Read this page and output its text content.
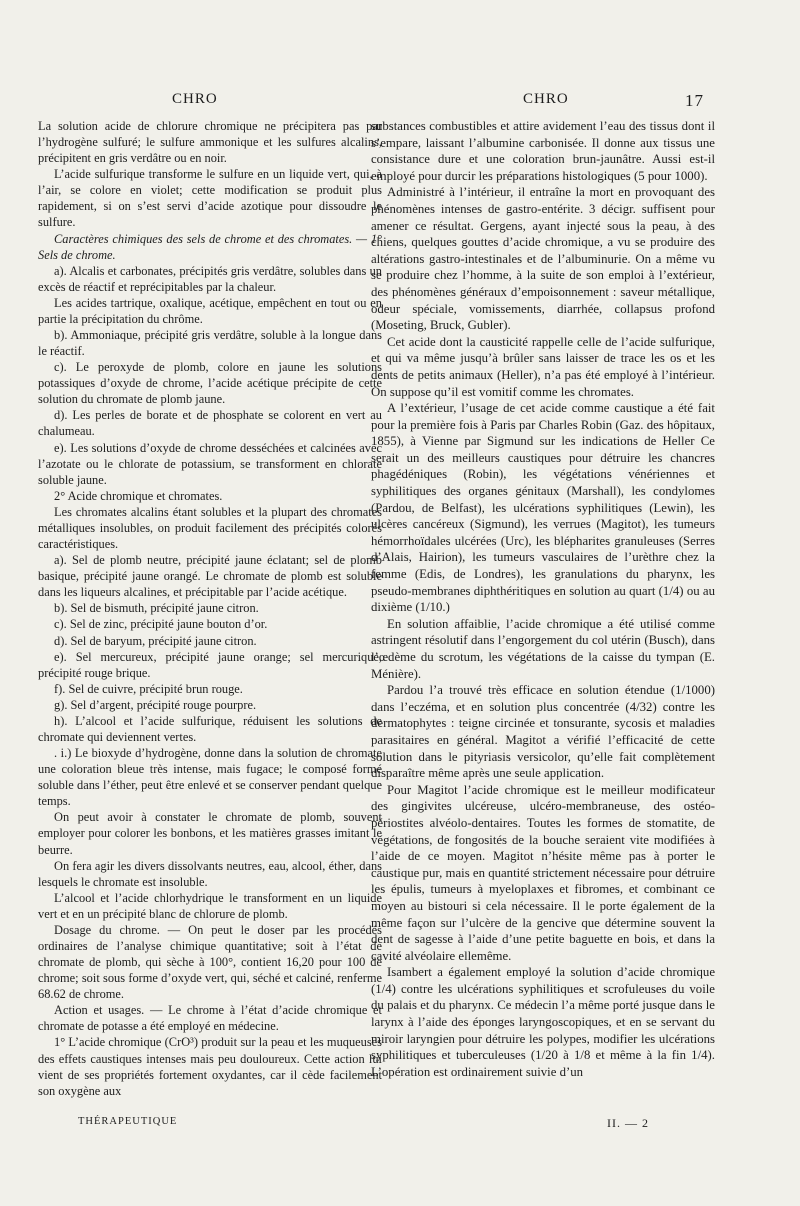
CHRO	CHRO	17

La solution acide de chlorure chromique ne précipitera pas par l’hydrogène sulfuré; le sulfure ammonique et les sulfures alcalins, précipitent en gris verdâtre ou en noir.

L’acide sulfurique transforme le sulfure en un liquide vert, qui, à l’air, se colore en violet; cette modification se produit plus rapidement, si on s’est servi d’acide azotique pour dissoudre le sulfure.

Caractères chimiques des sels de chrome et des chromates. — 1° Sels de chrome.

a). Alcalis et carbonates, précipités gris verdâtre, solubles dans un excès de réactif et reprécipitables par la chaleur.

Les acides tartrique, oxalique, acétique, empêchent en tout ou en partie la précipitation du chrôme.

b). Ammoniaque, précipité gris verdâtre, soluble à la longue dans le réactif.

c). Le peroxyde de plomb, colore en jaune les solutions potassiques d’oxyde de chrome, l’acide acétique précipite de cette solution du chromate de plomb jaune.

d). Les perles de borate et de phosphate se colorent en vert au chalumeau.

e). Les solutions d’oxyde de chrome desséchées et calcinées avec l’azotate ou le chlorate de potassium, se transforment en chlorate soluble jaune.

2° Acide chromique et chromates.

Les chromates alcalins étant solubles et la plupart des chromates métalliques insolubles, on produit facilement des précipités colorés caractéristiques.

a). Sel de plomb neutre, précipité jaune éclatant; sel de plomb basique, précipité jaune orangé. Le chromate de plomb est soluble dans les liqueurs alcalines, et précipitable par l’acide acétique.

b). Sel de bismuth, précipité jaune citron.

c). Sel de zinc, précipité jaune bouton d’or.

d). Sel de baryum, précipité jaune citron.

e). Sel mercureux, précipité jaune orange; sel mercurique, précipité rouge brique.

f). Sel de cuivre, précipité brun rouge.

g). Sel d’argent, précipité rouge pourpre.

h). L’alcool et l’acide sulfurique, réduisent les solutions de chromate qui deviennent vertes.

. i.) Le bioxyde d’hydrogène, donne dans la solution de chromate une coloration bleue très intense, mais fugace; le composé formé soluble dans l’éther, peut être enlevé et se conserver pendant quelque temps.

On peut avoir à constater le chromate de plomb, souvent employer pour colorer les bonbons, et les matières grasses imitant le beurre.

On fera agir les divers dissolvants neutres, eau, alcool, éther, dans lesquels le chromate est insoluble.

L’alcool et l’acide chlorhydrique le transforment en un liquide vert et en un précipité blanc de chlorure de plomb.

Dosage du chrome. — On peut le doser par les procédés ordinaires de l’analyse chimique quantitative; soit à l’état de chromate de plomb, qui sèche à 100°, contient 16,20 pour 100 de chrome; soit sous forme d’oxyde vert, qui, séché et calciné, renferme 68.62 de chrome.

Action et usages. — Le chrome à l’état d’acide chromique et chromate de potasse a été employé en médecine.

1° L’acide chromique (CrO³) produit sur la peau et les muqueuses des effets caustiques intenses mais peu douloureux. Cette action lui vient de ses propriétés fortement oxydantes, car il cède facilement son oxygène aux

substances combustibles et attire avidement l’eau des tissus dont il s’empare, laissant l’albumine carbonisée. Il donne aux tissus une consistance dure et une coloration brun-jaunâtre. Aussi est-il employé pour durcir les préparations histologiques (5 pour 1000).

Administré à l’intérieur, il entraîne la mort en provoquant des phénomènes intenses de gastro-entérite. 3 décigr. suffisent pour amener ce résultat. Gergens, ayant injecté sous la peau, à des chiens, quelques gouttes d’acide chromique, a vu se produire des altérations gastro-intestinales et de l’albuminurie. On a même vu se produire chez l’homme, à la suite de son emploi à l’extérieur, des phénomènes généraux d’empoisonnement : saveur métallique, odeur spéciale, vomissements, diarrhée, collapsus profond (Moseting, Bruck, Gubler).

Cet acide dont la causticité rappelle celle de l’acide sulfurique, et qui va même jusqu’à brûler sans laisser de trace les os et les dents de petits animaux (Heller), n’a pas été employé à l’intérieur. On suppose qu’il est vomitif comme les chromates.

A l’extérieur, l’usage de cet acide comme caustique a été fait pour la première fois à Paris par Charles Robin (Gaz. des hôpitaux, 1855), à Vienne par Sigmund sur les indications de Heller Ce serait un des meilleurs caustiques pour détruire les chancres phagédéniques (Robin), les végétations vénériennes et syphilitiques des organes génitaux (Marshall), les condylomes (Pardou, de Belfast), les ulcérations syphilitiques (Lewin), les ulcères cancéreux (Sigmund), les verrues (Magitot), les tumeurs hémorrhoïdales ulcérées (Urc), les blépharites granuleuses (Serres d’Alais, Hairion), les tumeurs vasculaires de l’urèthre chez la femme (Edis, de Londres), les granulations du pharynx, les pseudo-membranes diphthéritiques en solution au quart (1/4) ou au dixième (1/10.)

En solution affaiblie, l’acide chromique a été utilisé comme astringent résolutif dans l’engorgement du col utérin (Busch), dans l’œdème du scrotum, les végétations de la caisse du tympan (E. Ménière).

Pardou l’a trouvé très efficace en solution étendue (1/1000) dans l’eczéma, et en solution plus concentrée (4/32) contre les dermatophytes : teigne circinée et tonsurante, sycosis et maladies parasitaires en général. Magitot a vérifié l’efficacité de cette solution dans le pityriasis versicolor, qu’elle fait complètement disparaître même après une seule application.

Pour Magitot l’acide chromique est le meilleur modificateur des gingivites ulcéreuse, ulcéro-membraneuse, des ostéo-périostites alvéolo-dentaires. Toutes les formes de stomatite, de végétations, de fongosités de la bouche seraient vite modifiées à l’aide de ce moyen. Magitot n’hésite même pas à porter le caustique pur, mais en quantité strictement nécessaire pour détruire les épulis, tumeurs à myeloplaxes et fibromes, et combinant ce moyen au bistouri si cela nécessaire. Il le porte également de la même façon sur l’ulcère de la gencive que détermine souvent la dent de sagesse à l’aide d’une petite baguette en bois, et dans la cavité alvéolaire ellemême.

Isambert a également employé la solution d’acide chromique (1/4) contre les ulcérations syphilitiques et scrofuleuses du voile du palais et du pharynx. Ce médecin l’a même porté jusque dans le larynx à l’aide des éponges laryngoscopiques, et en se servant du miroir laryngien pour détruire les polypes, modifier les ulcérations syphilitiques et tuberculeuses (1/20 à 1/8 et même à la fin 1/4). L’opération est ordinairement suivie d’un

THÉRAPEUTIQUE	II. — 2
